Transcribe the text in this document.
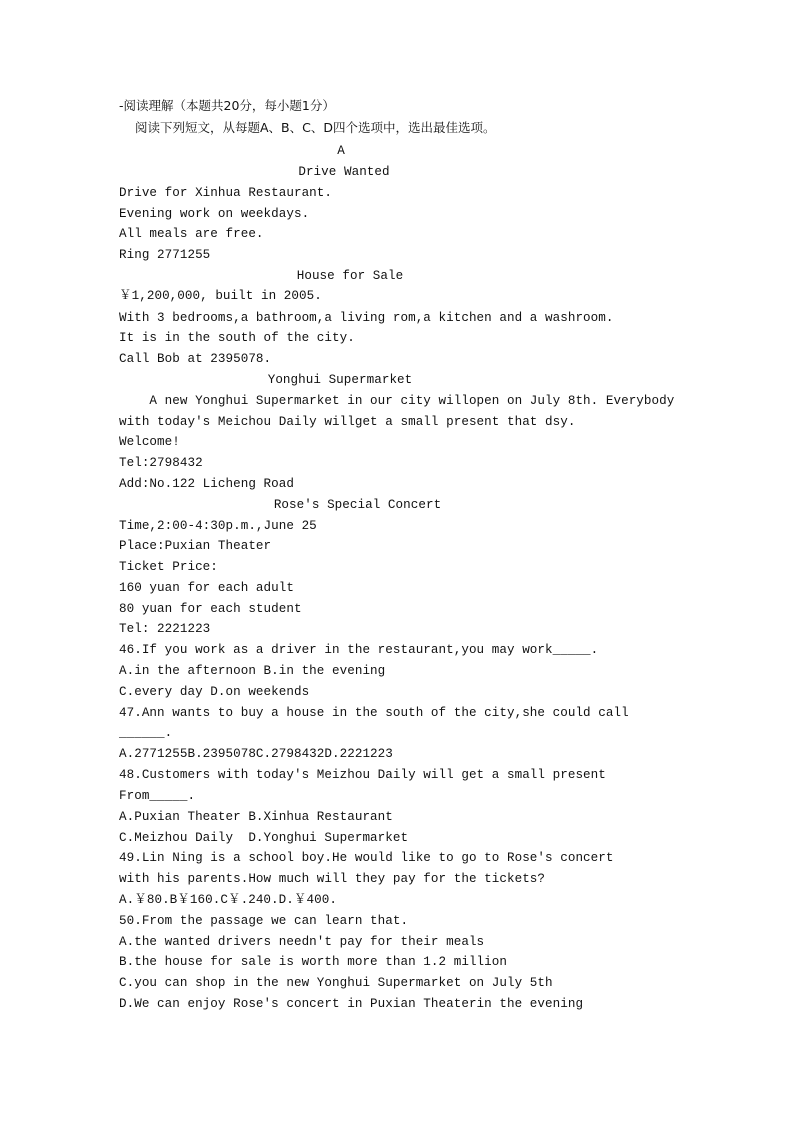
-阅读理解（本题共20分，每小题1分）
阅读下列短文，从每题A、B、C、D四个选项中，选出最佳选项。
A
Drive Wanted
Drive for Xinhua Restaurant.
Evening work on weekdays.
All meals are free.
Ring 2771255
House for Sale
￥1,200,000, built in 2005.
With 3 bedrooms,a bathroom,a living rom,a kitchen and a washroom.
It is in the south of the city.
Call Bob at 2395078.
Yonghui Supermarket
A new Yonghui Supermarket in our city willopen on July 8th. Everybody
with today's Meichou Daily willget a small present that dsy.
Welcome!
Tel:2798432
Add:No.122 Licheng Road
Rose's Special Concert
Time,2:00-4:30p.m.,June 25
Place:Puxian Theater
Ticket Price:
160 yuan for each adult
80 yuan for each student
Tel: 2221223
46.If you work as a driver in the restaurant,you may work_____.
A.in the afternoon B.in the evening
C.every day D.on weekends
47.Ann wants to buy a house in the south of the city,she could call
______.
A.2771255B.2395078C.2798432D.2221223
48.Customers with today's Meizhou Daily will get a small present
From_____.
A.Puxian Theater B.Xinhua Restaurant
C.Meizhou Daily  D.Yonghui Supermarket
49.Lin Ning is a school boy.He would like to go to Rose's concert
with his parents.How much will they pay for the tickets?
A.￥80.B￥160.C￥.240.D.￥400.
50.From the passage we can learn that.
A.the wanted drivers needn't pay for their meals
B.the house for sale is worth more than 1.2 million
C.you can shop in the new Yonghui Supermarket on July 5th
D.We can enjoy Rose's concert in Puxian Theaterin the evening
